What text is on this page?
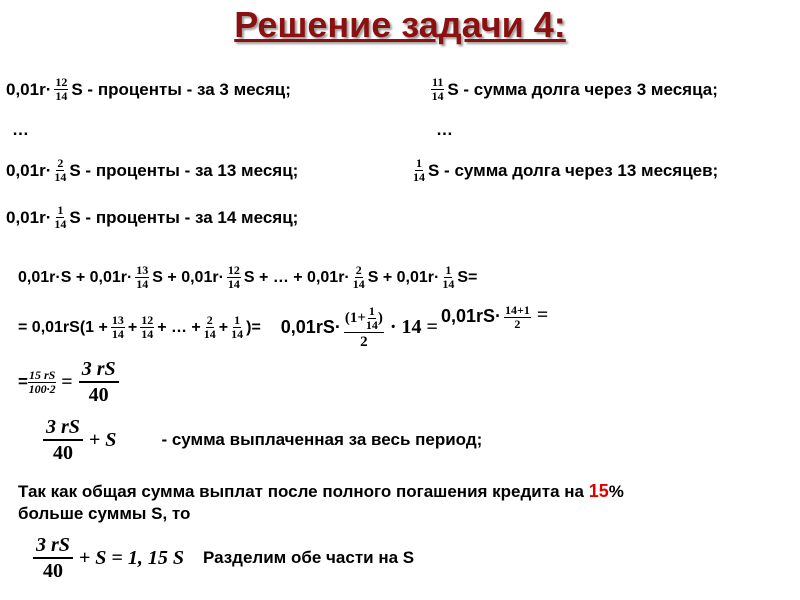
Решение задачи 4:
$0,01r\cdot \frac{12}{14}$ S - проценты - за 3 месяц;	$\frac{11}{14}$ S - сумма долга через 3 месяца;
…	…
$0,01r\cdot \frac{2}{14}$ S - проценты - за 13 месяц;	$\frac{1}{14}$ S - сумма долга через 13 месяцев;
$0,01r\cdot \frac{1}{14}$ S - проценты - за 14 месяц;
$0,01r\cdot S + 0,01r\cdot \frac{13}{14}$ $S + 0,01r\cdot \frac{12}{14}$ S + … + $0,01r\cdot \frac{2}{14}$ $S + 0,01r\cdot \frac{1}{14} S=$
= $0,01rS(1 + \frac{13}{14} + \frac{12}{14}$ + … + $\frac{2}{14} + \frac{1}{14}$ )= $0,01rS\cdot \frac{(1+ \frac{1}{14} )}{2} \cdot 14 = 0,01rS\cdot \frac{14+1}{2}$ =
= $\frac{15 rS}{100\cdot 2} = \frac{3 rS}{40}$
$\frac{3 rS}{40} + S$	- сумма выплаченная за весь период;
Так как общая сумма выплат после полного погашения кредита на 15%
больше суммы S, то
$\frac{3 rS}{40} + S = 1$, 15 S Разделим обе части на S
